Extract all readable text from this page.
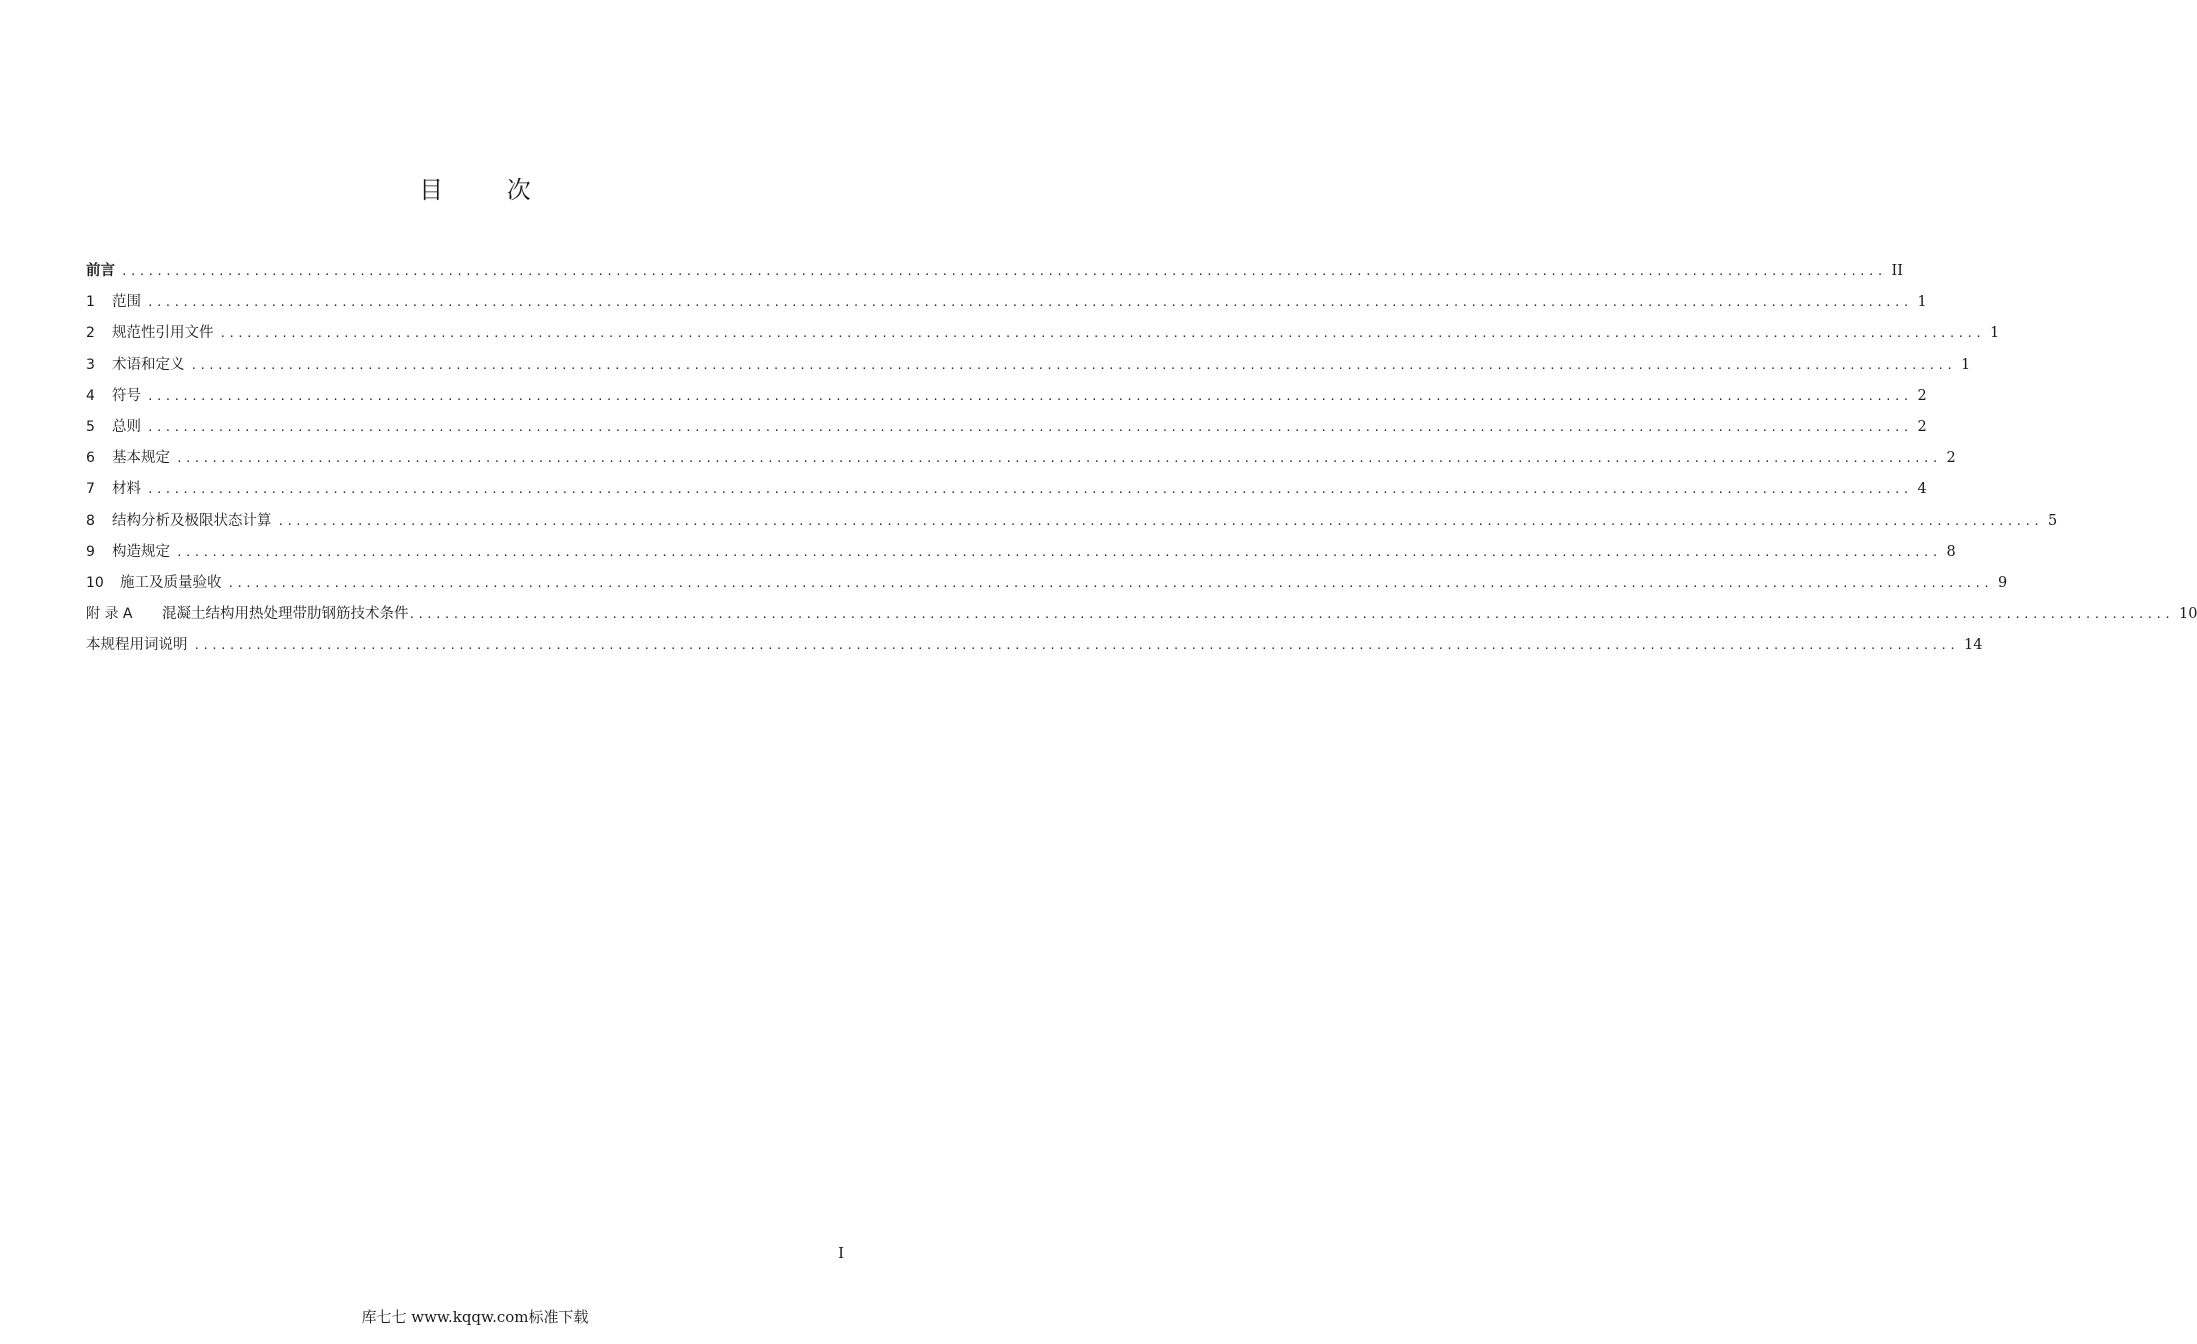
目 次
前言 ........................................................................................................................................................................................................ II
1	范围 ........................................................................................................................................................................................................ 1
2	规范性引用文件 ........................................................................................................................................................................................................ 1
3	术语和定义 ........................................................................................................................................................................................................ 1
4	符号 ........................................................................................................................................................................................................ 2
5	总则 ........................................................................................................................................................................................................ 2
6	基本规定 ........................................................................................................................................................................................................ 2
7	材料 ........................................................................................................................................................................................................ 4
8	结构分析及极限状态计算 ........................................................................................................................................................................................................ 5
9	构造规定 ........................................................................................................................................................................................................ 8
10	施工及质量验收 ........................................................................................................................................................................................................ 9
附 录 A	混凝土结构用热处理带肋钢筋技术条件 ........................................................................................................................................................................................................ 10
本规程用词说明 ........................................................................................................................................................................................................ 14
I
库七七 www.kqqw.com标准下载
